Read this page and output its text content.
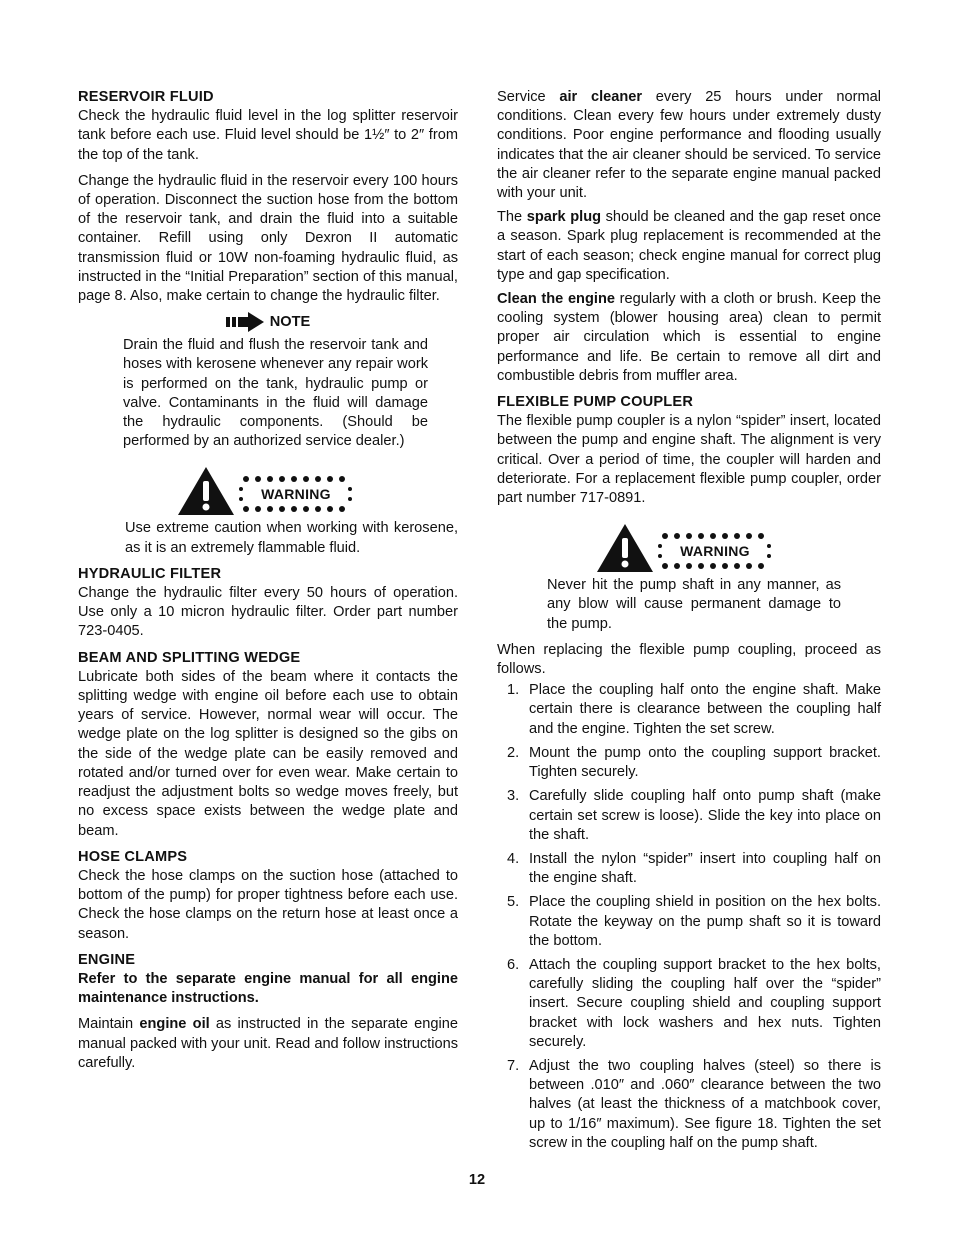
RESERVOIR FLUID

Check the hydraulic fluid level in the log splitter reservoir tank before each use. Fluid level should be 1½″ to 2″ from the top of the tank.

Change the hydraulic fluid in the reservoir every 100 hours of operation. Disconnect the suction hose from the bottom of the reservoir tank, and drain the fluid into a suitable container. Refill using only Dexron II automatic transmission fluid or 10W non-foaming hydraulic fluid, as instructed in the “Initial Preparation” section of this manual, page 8. Also, make certain to change the hydraulic filter.

NOTE

Drain the fluid and flush the reservoir tank and hoses with kerosene whenever any repair work is performed on the tank, hydraulic pump or valve. Contaminants in the fluid will damage the hydraulic components. (Should be performed by an authorized service dealer.)

WARNING

Use extreme caution when working with kerosene, as it is an extremely flammable fluid.

HYDRAULIC FILTER

Change the hydraulic filter every 50 hours of operation. Use only a 10 micron hydraulic filter. Order part number 723-0405.

BEAM AND SPLITTING WEDGE

Lubricate both sides of the beam where it contacts the splitting wedge with engine oil before each use to obtain years of service. However, normal wear will occur. The wedge plate on the log splitter is designed so the gibs on the side of the wedge plate can be easily removed and rotated and/or turned over for even wear. Make certain to readjust the adjustment bolts so wedge moves freely, but no excess space exists between the wedge plate and beam.

HOSE CLAMPS

Check the hose clamps on the suction hose (attached to bottom of the pump) for proper tightness before each use. Check the hose clamps on the return hose at least once a season.

ENGINE

Refer to the separate engine manual for all engine maintenance instructions.

Maintain engine oil as instructed in the separate engine manual packed with your unit. Read and follow instructions carefully.

Service air cleaner every 25 hours under normal conditions. Clean every few hours under extremely dusty conditions. Poor engine performance and flooding usually indicates that the air cleaner should be serviced. To service the air cleaner refer to the separate engine manual packed with your unit.

The spark plug should be cleaned and the gap reset once a season. Spark plug replacement is recommended at the start of each season; check engine manual for correct plug type and gap specification.

Clean the engine regularly with a cloth or brush. Keep the cooling system (blower housing area) clean to permit proper air circulation which is essential to engine performance and life. Be certain to remove all dirt and combustible debris from muffler area.

FLEXIBLE PUMP COUPLER

The flexible pump coupler is a nylon “spider” insert, located between the pump and engine shaft. The alignment is very critical. Over a period of time, the coupler will harden and deteriorate. For a replacement flexible pump coupler, order part number 717-0891.

WARNING

Never hit the pump shaft in any manner, as any blow will cause permanent damage to the pump.

When replacing the flexible pump coupling, proceed as follows.

1. Place the coupling half onto the engine shaft. Make certain there is clearance between the coupling half and the engine. Tighten the set screw.
2. Mount the pump onto the coupling support bracket. Tighten securely.
3. Carefully slide coupling half onto pump shaft (make certain set screw is loose). Slide the key into place on the shaft.
4. Install the nylon “spider” insert into coupling half on the engine shaft.
5. Place the coupling shield in position on the hex bolts. Rotate the keyway on the pump shaft so it is toward the bottom.
6. Attach the coupling support bracket to the hex bolts, carefully sliding the coupling half over the “spider” insert. Secure coupling shield and coupling support bracket with lock washers and hex nuts. Tighten securely.
7. Adjust the two coupling halves (steel) so there is between .010″ and .060″ clearance between the two halves (at least the thickness of a matchbook cover, up to 1/16″ maximum). See figure 18. Tighten the set screw in the coupling half on the pump shaft.
12
